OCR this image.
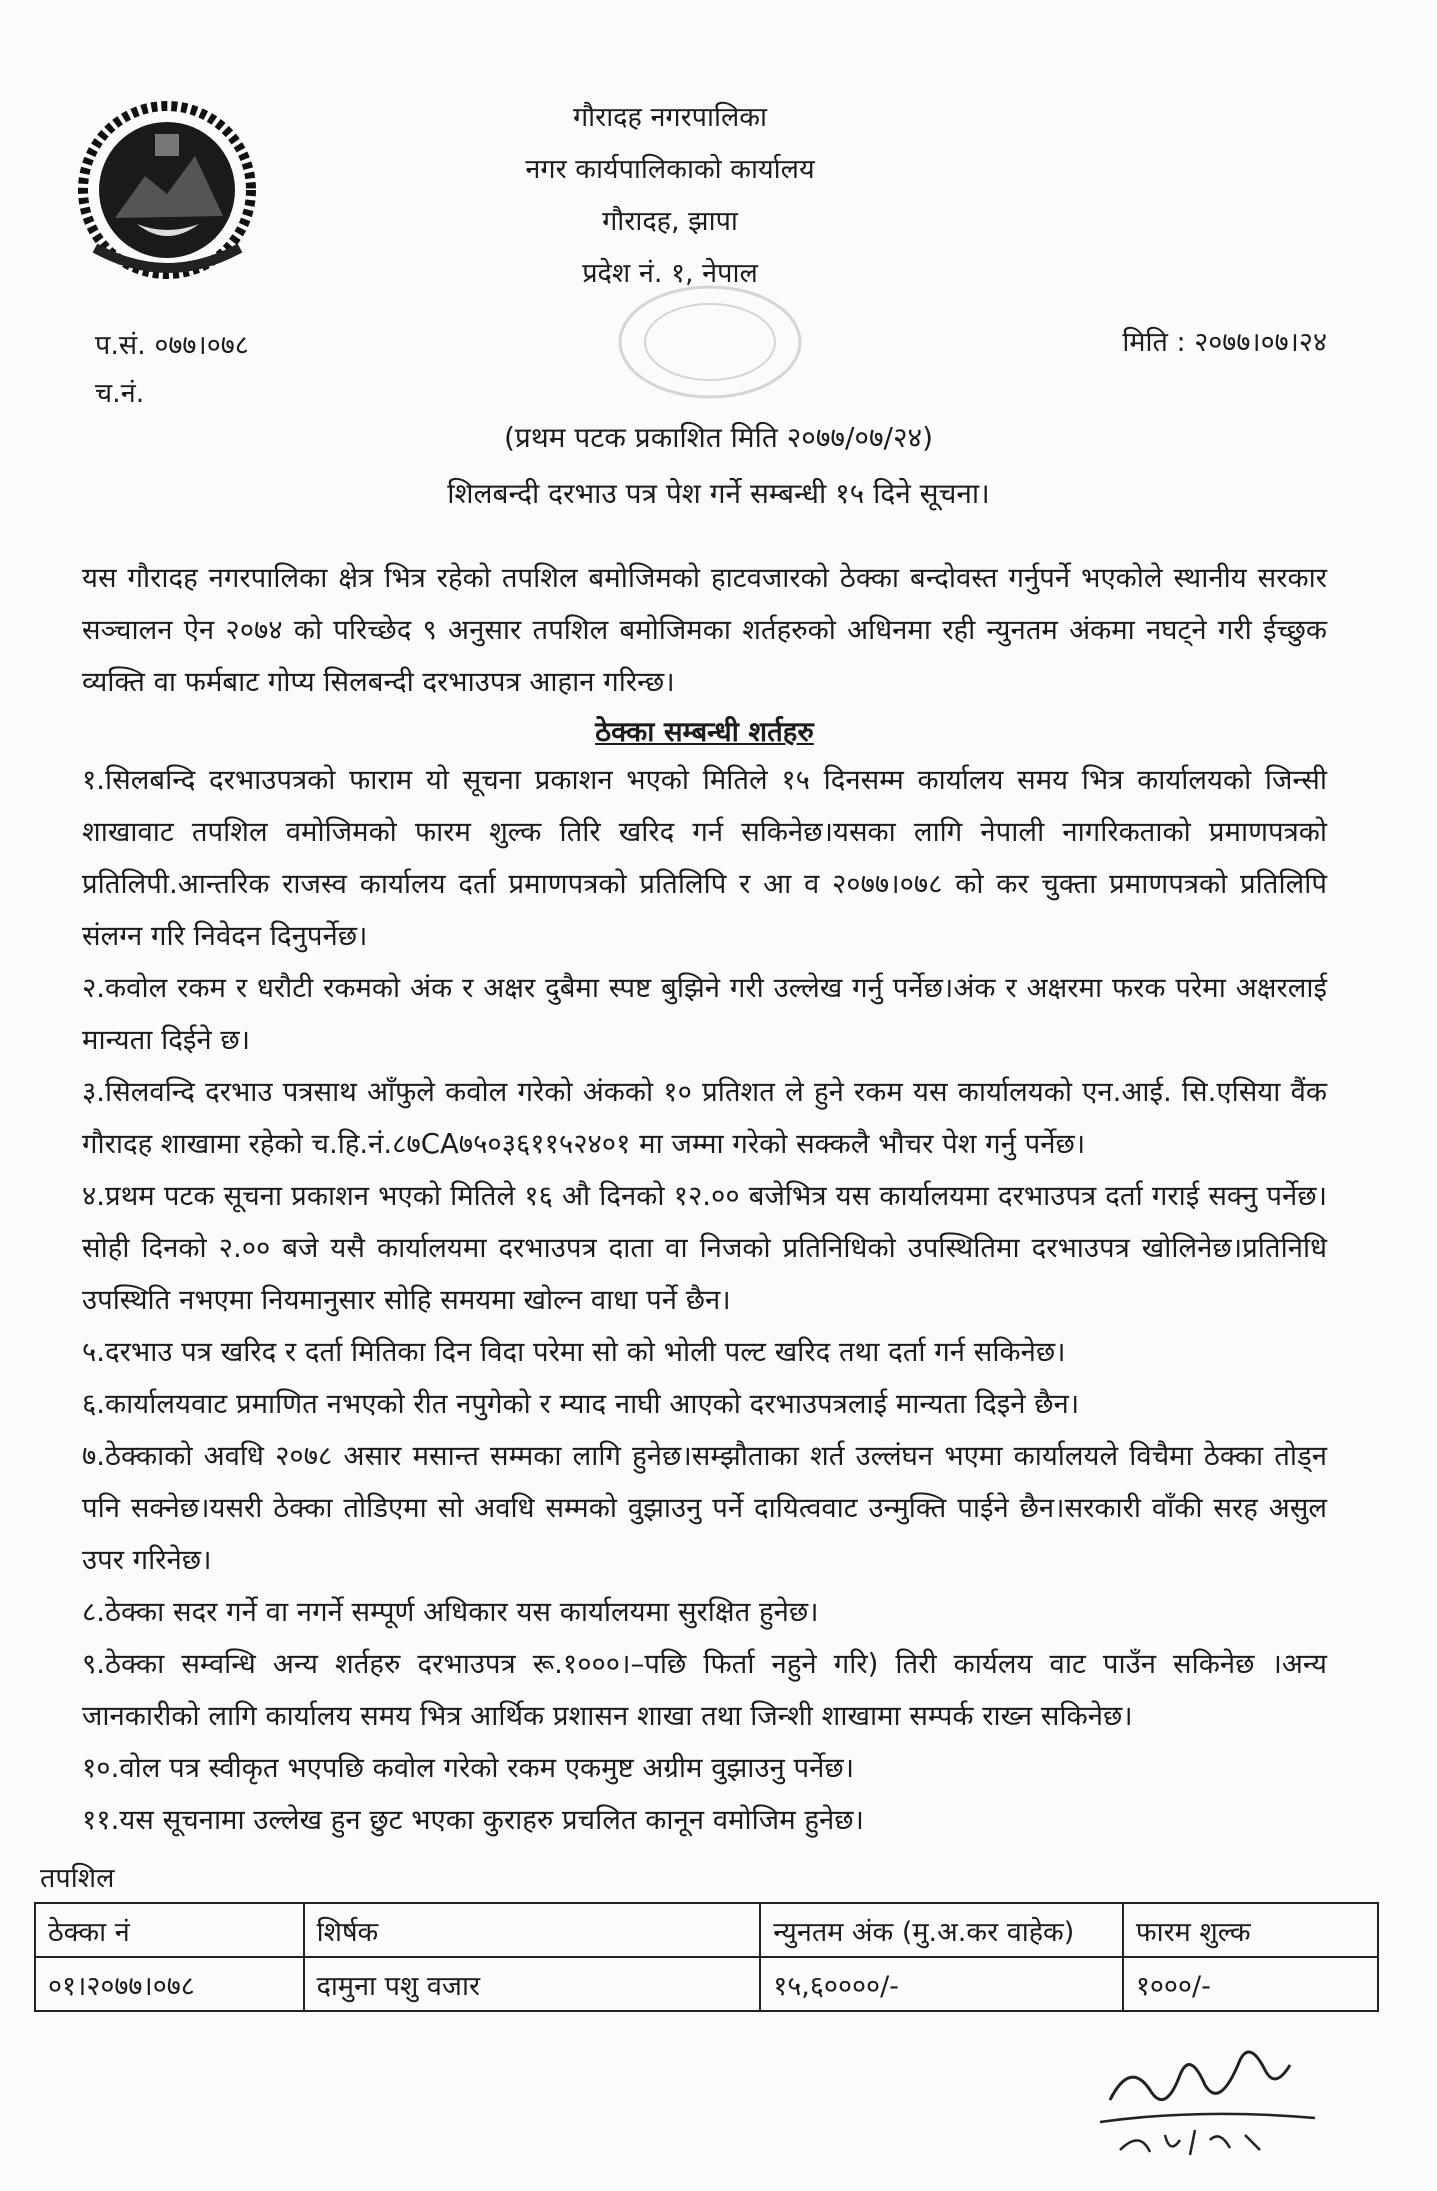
गौरादह नगरपालिका
नगर कार्यपालिकाको कार्यालय
गौरादह, झापा
प्रदेश नं. १, नेपाल
प.सं. ०७७।०७८
च.नं.
मिति : २०७७।०७।२४
(प्रथम पटक प्रकाशित मिति २०७७/०७/२४)
शिलबन्दी दरभाउ पत्र पेश गर्ने सम्बन्धी १५ दिने सूचना।

यस गौरादह नगरपालिका क्षेत्र भित्र रहेको तपशिल बमोजिमको हाटवजारको ठेक्का बन्दोवस्त गर्नुपर्ने भएकोले स्थानीय सरकार सञ्चालन ऐन २०७४ को परिच्छेद ९ अनुसार तपशिल बमोजिमका शर्तहरुको अधिनमा रही न्युनतम अंकमा नघट्ने गरी ईच्छुक व्यक्ति वा फर्मबाट गोप्य सिलबन्दी दरभाउपत्र आहान गरिन्छ।

ठेक्का सम्बन्धी शर्तहरु

१.सिलबन्दि दरभाउपत्रको फाराम यो सूचना प्रकाशन भएको मितिले १५ दिनसम्म कार्यालय समय भित्र कार्यालयको जिन्सी शाखावाट तपशिल वमोजिमको फारम शुल्क तिरि खरिद गर्न सकिनेछ।यसका लागि नेपाली नागरिकताको प्रमाणपत्रको प्रतिलिपी.आन्तरिक राजस्व कार्यालय दर्ता प्रमाणपत्रको प्रतिलिपि र आ व २०७७।०७८ को कर चुक्ता प्रमाणपत्रको प्रतिलिपि संलग्न गरि निवेदन दिनुपर्नेछ।

२.कवोल रकम र धरौटी रकमको अंक र अक्षर दुबैमा स्पष्ट बुझिने गरी उल्लेख गर्नु पर्नेछ।अंक र अक्षरमा फरक परेमा अक्षरलाई मान्यता दिईने छ।

३.सिलवन्दि दरभाउ पत्रसाथ आँफुले कवोल गरेको अंकको १० प्रतिशत ले हुने रकम यस कार्यालयको एन.आई. सि.एसिया वैंक गौरादह शाखामा रहेको च.हि.नं.८७CA७५०३६११५२४०१ मा जम्मा गरेको सक्कलै भौचर पेश गर्नु पर्नेछ।

४.प्रथम पटक सूचना प्रकाशन भएको मितिले १६ औ दिनको १२.०० बजेभित्र यस कार्यालयमा दरभाउपत्र दर्ता गराई सक्नु पर्नेछ।सोही दिनको २.०० बजे यसै कार्यालयमा दरभाउपत्र दाता वा निजको प्रतिनिधिको उपस्थितिमा दरभाउपत्र खोलिनेछ।प्रतिनिधि उपस्थिति नभएमा नियमानुसार सोहि समयमा खोल्न वाधा पर्ने छैन।

५.दरभाउ पत्र खरिद र दर्ता मितिका दिन विदा परेमा सो को भोली पल्ट खरिद तथा दर्ता गर्न सकिनेछ।

६.कार्यालयवाट प्रमाणित नभएको रीत नपुगेको र म्याद नाघी आएको दरभाउपत्रलाई मान्यता दिइने छैन।

७.ठेक्काको अवधि २०७८ असार मसान्त सम्मका लागि हुनेछ।सम्झौताका शर्त उल्लंघन भएमा कार्यालयले विचैमा ठेक्का तोड्न पनि सक्नेछ।यसरी ठेक्का तोडिएमा सो अवधि सम्मको वुझाउनु पर्ने दायित्ववाट उन्मुक्ति पाईने छैन।सरकारी वाँकी सरह असुल उपर गरिनेछ।

८.ठेक्का सदर गर्ने वा नगर्ने सम्पूर्ण अधिकार यस कार्यालयमा सुरक्षित हुनेछ।

९.ठेक्का सम्वन्धि अन्य शर्तहरु दरभाउपत्र रू.१०००।–पछि फिर्ता नहुने गरि) तिरी कार्यलय वाट पाउँन सकिनेछ ।अन्य जानकारीको लागि कार्यालय समय भित्र आर्थिक प्रशासन शाखा तथा जिन्शी शाखामा सम्पर्क राख्न सकिनेछ।

१०.वोल पत्र स्वीकृत भएपछि कवोल गरेको रकम एकमुष्ट अग्रीम वुझाउनु पर्नेछ।

११.यस सूचनामा उल्लेख हुन छुट भएका कुराहरु प्रचलित कानून वमोजिम हुनेछ।

तपशिल
ठेक्का नं	शिर्षक	न्युनतम अंक (मु.अ.कर वाहेक)	फारम शुल्क
०१।२०७७।०७८	दामुना पशु वजार	१५,६००००/-	१०००/-
